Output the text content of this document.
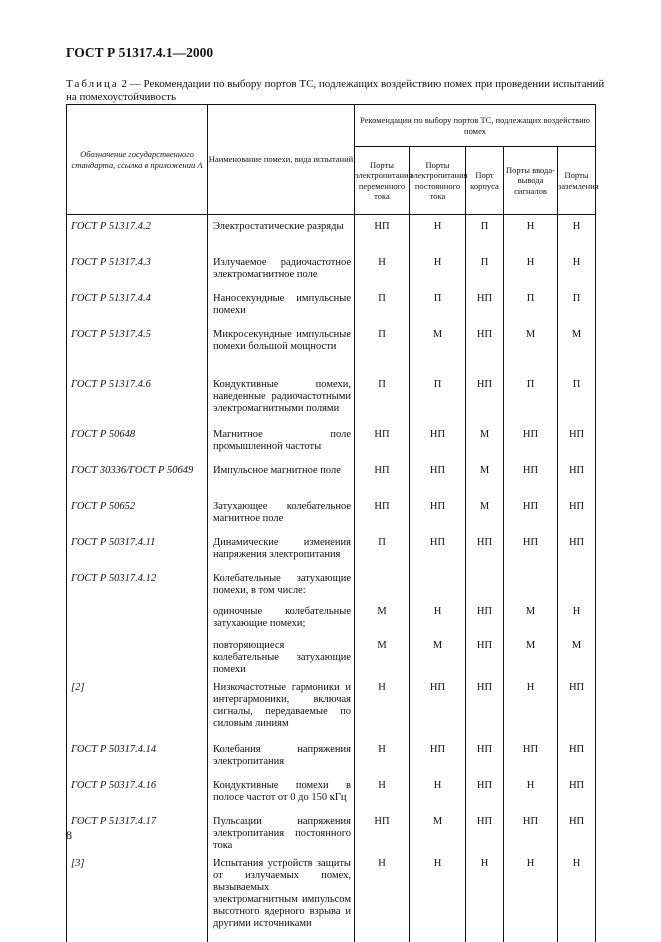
ГОСТ Р 51317.4.1—2000
Таблица 2 — Рекомендации по выбору портов ТС, подлежащих воздействию помех при проведении испытаний на помехоустойчивость
Обозначение государственного стандарта, ссылка в приложении А	Наименование помехи, вида испытаний	Рекомендации по выбору портов ТС, подлежащих воздействию помех				
		Порты электропитания переменного тока	Порты электропитания постоянного тока	Порт корпуса	Порты ввода-вывода сигналов	Порты заземления
ГОСТ Р 51317.4.2	Электростатические разряды	НП	Н	П	Н	Н
ГОСТ Р 51317.4.3	Излучаемое радиочастотное электромагнитное поле	Н	Н	П	Н	Н
ГОСТ Р 51317.4.4	Наносекундные импульсные помехи	П	П	НП	П	П
ГОСТ Р 51317.4.5	Микросекундные импульсные помехи большой мощности	П	М	НП	М	М
ГОСТ Р 51317.4.6	Кондуктивные помехи, наведенные радиочастотными электромагнитными полями	П	П	НП	П	П
ГОСТ Р 50648	Магнитное поле промышленной частоты	НП	НП	М	НП	НП
ГОСТ 30336/ГОСТ Р 50649	Импульсное магнитное поле	НП	НП	М	НП	НП
ГОСТ Р 50652	Затухающее колебательное магнитное поле	НП	НП	М	НП	НП
ГОСТ Р 50317.4.11	Динамические изменения напряжения электропитания	П	НП	НП	НП	НП
ГОСТ Р 50317.4.12	Колебательные затухающие помехи, в том числе:					
	одиночные колебательные затухающие помехи;	М	Н	НП	М	Н
	повторяющиеся колебательные затухающие помехи	М	М	НП	М	М
[2]	Низкочастотные гармоники и интергармоники, включая сигналы, передаваемые по силовым линиям	Н	НП	НП	Н	НП
ГОСТ Р 50317.4.14	Колебания напряжения электропитания	Н	НП	НП	НП	НП
ГОСТ Р 50317.4.16	Кондуктивные помехи в полосе частот от 0 до 150 кГц	Н	Н	НП	Н	НП
ГОСТ Р 51317.4.17	Пульсации напряжения электропитания постоянного тока	НП	М	НП	НП	НП
[3]	Испытания устройств защиты от излучаемых помех, вызываемых электромагнитным импульсом высотного ядерного взрыва и другими источниками	Н	Н	Н	Н	Н
8
